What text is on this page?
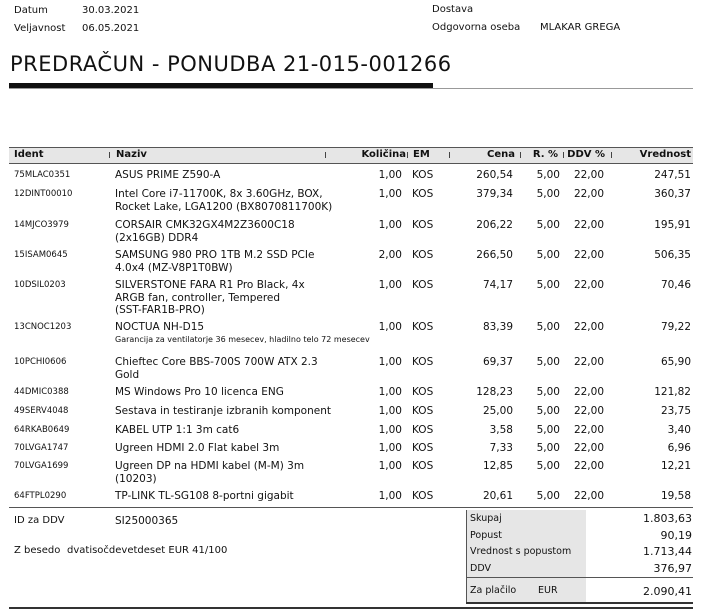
Datum	30.03.2021
Veljavnost 06.05.2021
Dostava
Odgovorna oseba MLAKAR GREGA
PREDRAČUN - PONUDBA 21-015-001266
Ident	Naziv	Količina EM	Cena R. % DDV %	Vrednost
75MLAC0351	ASUS PRIME Z590-A	1,00 KOS	260,54 5,00 22,00	247,51
12DINT00010	Intel Core i7-11700K, 8x 3.60GHz, BOX,
Rocket Lake, LGA1200 (BX8070811700K)
1,00 KOS	379,34 5,00 22,00	360,37
14MJCO3979	CORSAIR CMK32GX4M2Z3600C18
(2x16GB) DDR4
1,00 KOS	206,22 5,00 22,00	195,91
15ISAM0645	SAMSUNG 980 PRO 1TB M.2 SSD PCIe
4.0x4 (MZ-V8P1T0BW)
2,00 KOS	266,50 5,00 22,00	506,35
10DSIL0203	SILVERSTONE FARA R1 Pro Black, 4x
ARGB fan, controller, Tempered
(SST-FAR1B-PRO)
1,00 KOS	74,17 5,00 22,00	70,46
13CNOC1203	NOCTUA NH-D15
Garancija za ventilatorje 36 mesecev, hladilno telo 72 mesecev
1,00 KOS	83,39 5,00 22,00	79,22
10PCHI0606	Chieftec Core BBS-700S 700W ATX 2.3
Gold
1,00 KOS	69,37 5,00 22,00	65,90
44DMIC0388	MS Windows Pro 10 licenca ENG	1,00 KOS	128,23 5,00 22,00	121,82
49SERV4048	Sestava in testiranje izbranih komponent	1,00 KOS	25,00 5,00 22,00	23,75
64RKAB0649	KABEL UTP 1:1 3m cat6	1,00 KOS	3,58 5,00 22,00	3,40
70LVGA1747	Ugreen HDMI 2.0 Flat kabel 3m	1,00 KOS	7,33 5,00 22,00	6,96
70LVGA1699	Ugreen DP na HDMI kabel (M-M) 3m
(10203)
1,00 KOS	12,85 5,00 22,00	12,21
64FTPL0290	TP-LINK TL-SG108 8-portni gigabit	1,00 KOS	20,61 5,00 22,00	19,58
ID za DDV	SI25000365
Z besedo dvatisočdevetdeset EUR 41/100
Skupaj	1.803,63
Popust	90,19
Vrednost s popustom	1.713,44
DDV	376,97
Za plačilo EUR	2.090,41
